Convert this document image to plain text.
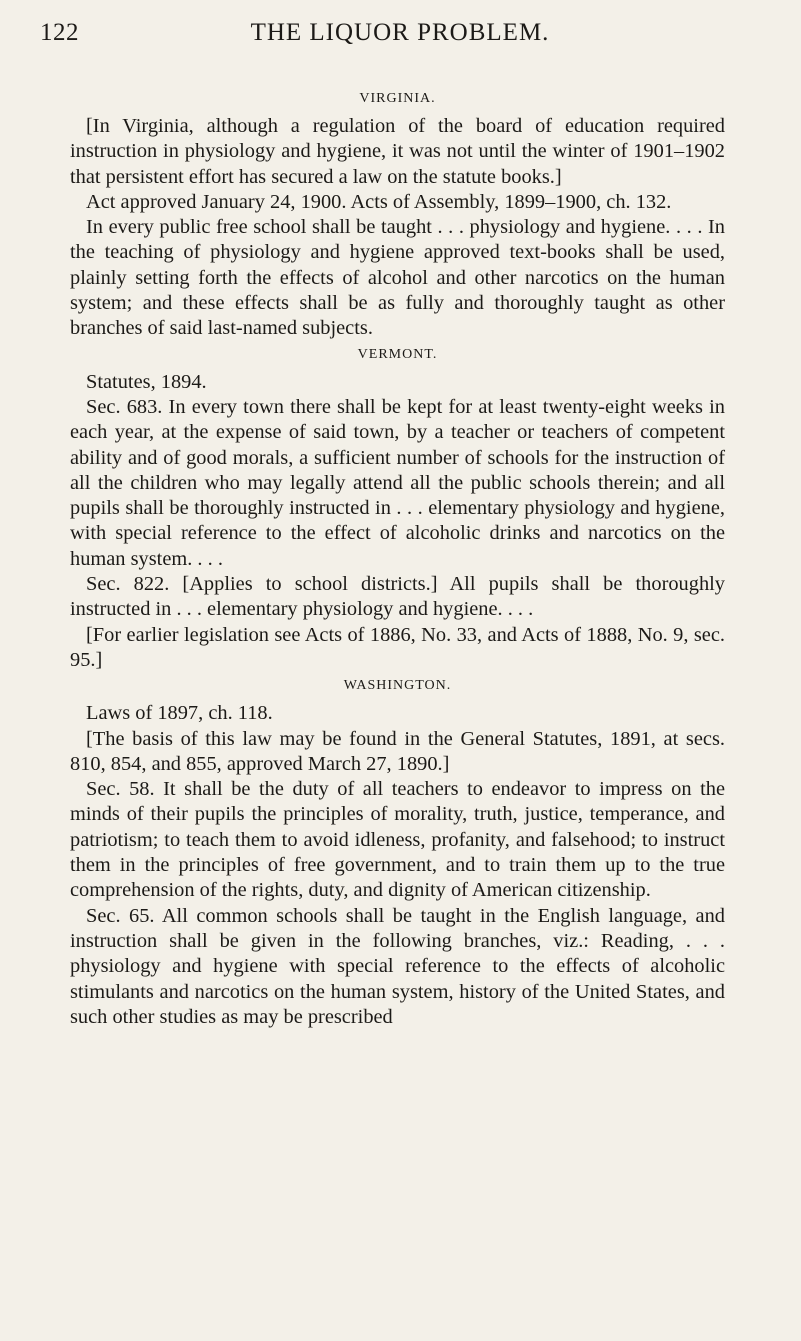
122	THE LIQUOR PROBLEM.
VIRGINIA.

[In Virginia, although a regulation of the board of education required instruction in physiology and hygiene, it was not until the winter of 1901–1902 that persistent effort has secured a law on the statute books.]

Act approved January 24, 1900. Acts of Assembly, 1899–1900, ch. 132.

In every public free school shall be taught . . . physiology and hygiene. . . . In the teaching of physiology and hygiene approved text-books shall be used, plainly setting forth the effects of alcohol and other narcotics on the human system; and these effects shall be as fully and thoroughly taught as other branches of said last-named subjects.

VERMONT.

Statutes, 1894.

Sec. 683. In every town there shall be kept for at least twenty-eight weeks in each year, at the expense of said town, by a teacher or teachers of competent ability and of good morals, a sufficient number of schools for the instruction of all the children who may legally attend all the public schools therein; and all pupils shall be thoroughly instructed in . . . elementary physiology and hygiene, with special reference to the effect of alcoholic drinks and narcotics on the human system. . . .

Sec. 822. [Applies to school districts.] All pupils shall be thoroughly instructed in . . . elementary physiology and hygiene. . . .

[For earlier legislation see Acts of 1886, No. 33, and Acts of 1888, No. 9, sec. 95.]

WASHINGTON.

Laws of 1897, ch. 118.

[The basis of this law may be found in the General Statutes, 1891, at secs. 810, 854, and 855, approved March 27, 1890.]

Sec. 58. It shall be the duty of all teachers to endeavor to impress on the minds of their pupils the principles of morality, truth, justice, temperance, and patriotism; to teach them to avoid idleness, profanity, and falsehood; to instruct them in the principles of free government, and to train them up to the true comprehension of the rights, duty, and dignity of American citizenship.

Sec. 65. All common schools shall be taught in the English language, and instruction shall be given in the following branches, viz.: Reading, . . . physiology and hygiene with special reference to the effects of alcoholic stimulants and narcotics on the human system, history of the United States, and such other studies as may be prescribed
